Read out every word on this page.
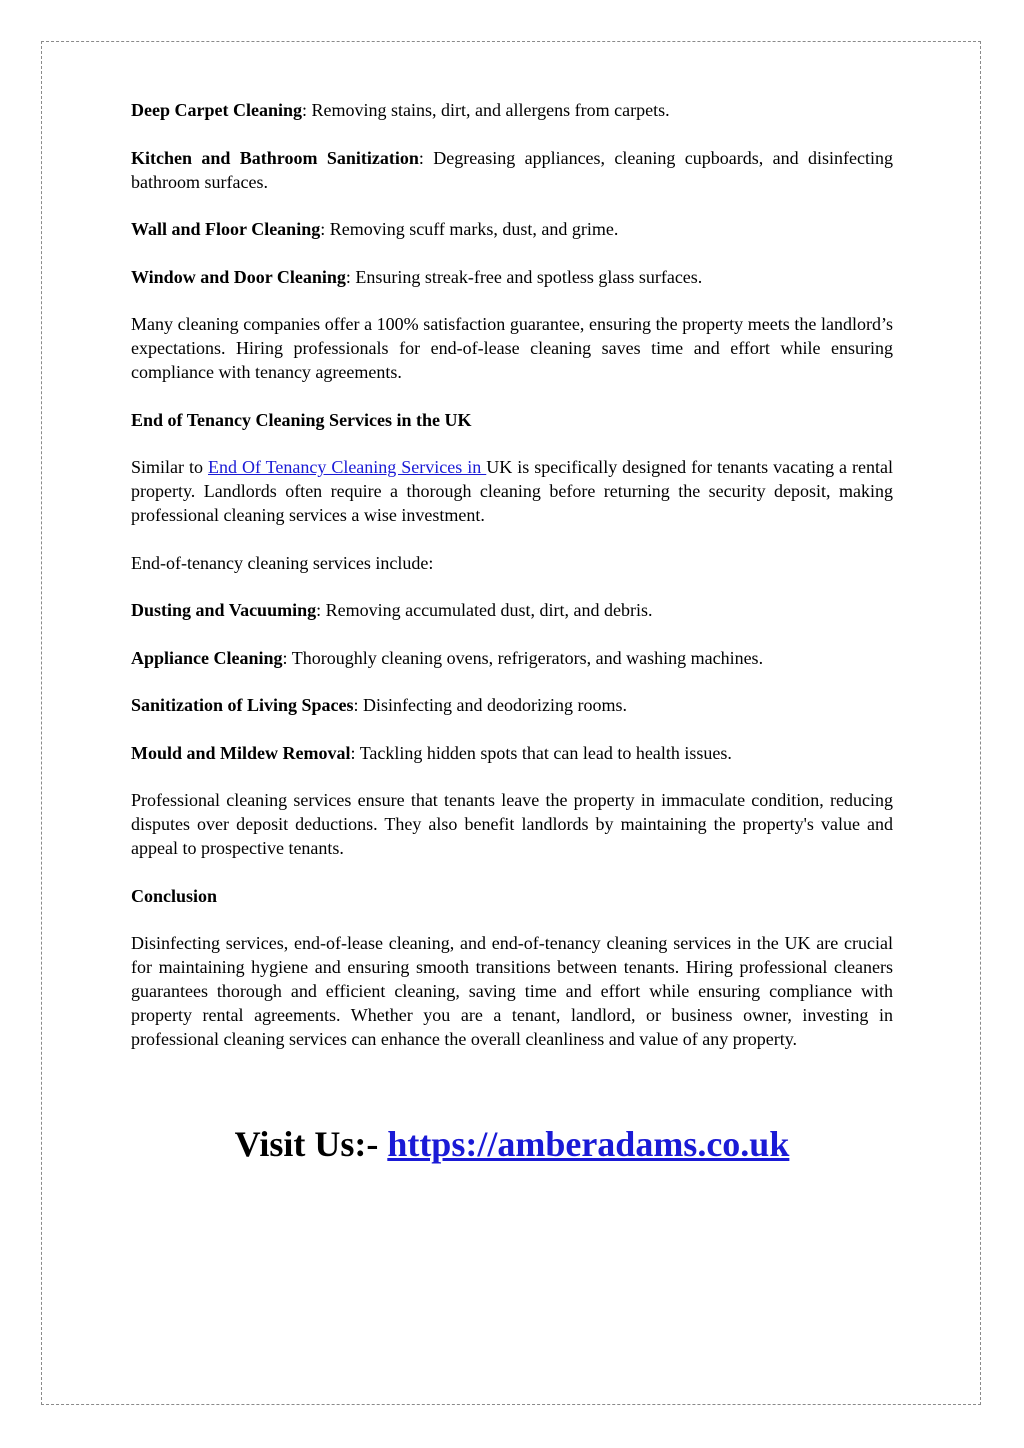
Deep Carpet Cleaning: Removing stains, dirt, and allergens from carpets.

Kitchen and Bathroom Sanitization: Degreasing appliances, cleaning cupboards, and disinfecting bathroom surfaces.

Wall and Floor Cleaning: Removing scuff marks, dust, and grime.

Window and Door Cleaning: Ensuring streak-free and spotless glass surfaces.

Many cleaning companies offer a 100% satisfaction guarantee, ensuring the property meets the landlord’s expectations. Hiring professionals for end-of-lease cleaning saves time and effort while ensuring compliance with tenancy agreements.

End of Tenancy Cleaning Services in the UK

Similar to End Of Tenancy Cleaning Services in UK is specifically designed for tenants vacating a rental property. Landlords often require a thorough cleaning before returning the security deposit, making professional cleaning services a wise investment.

End-of-tenancy cleaning services include:

Dusting and Vacuuming: Removing accumulated dust, dirt, and debris.

Appliance Cleaning: Thoroughly cleaning ovens, refrigerators, and washing machines.

Sanitization of Living Spaces: Disinfecting and deodorizing rooms.

Mould and Mildew Removal: Tackling hidden spots that can lead to health issues.

Professional cleaning services ensure that tenants leave the property in immaculate condition, reducing disputes over deposit deductions. They also benefit landlords by maintaining the property's value and appeal to prospective tenants.

Conclusion

Disinfecting services, end-of-lease cleaning, and end-of-tenancy cleaning services in the UK are crucial for maintaining hygiene and ensuring smooth transitions between tenants. Hiring professional cleaners guarantees thorough and efficient cleaning, saving time and effort while ensuring compliance with property rental agreements. Whether you are a tenant, landlord, or business owner, investing in professional cleaning services can enhance the overall cleanliness and value of any property.

Visit Us:- https://amberadams.co.uk
